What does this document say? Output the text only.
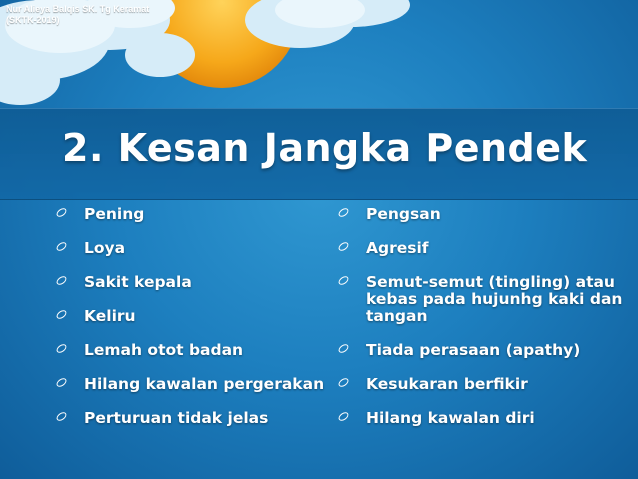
Nur Alieya Balqis SK. Tg Keramat (SKTK-2019)
2. Kesan Jangka Pendek
Pening
Loya
Sakit kepala
Keliru
Lemah otot badan
Hilang kawalan pergerakan
Perturuan tidak jelas
Pengsan
Agresif
Semut-semut (tingling) atau kebas pada hujunhg kaki dan tangan
Tiada perasaan (apathy)
Kesukaran berfikir
Hilang kawalan diri
